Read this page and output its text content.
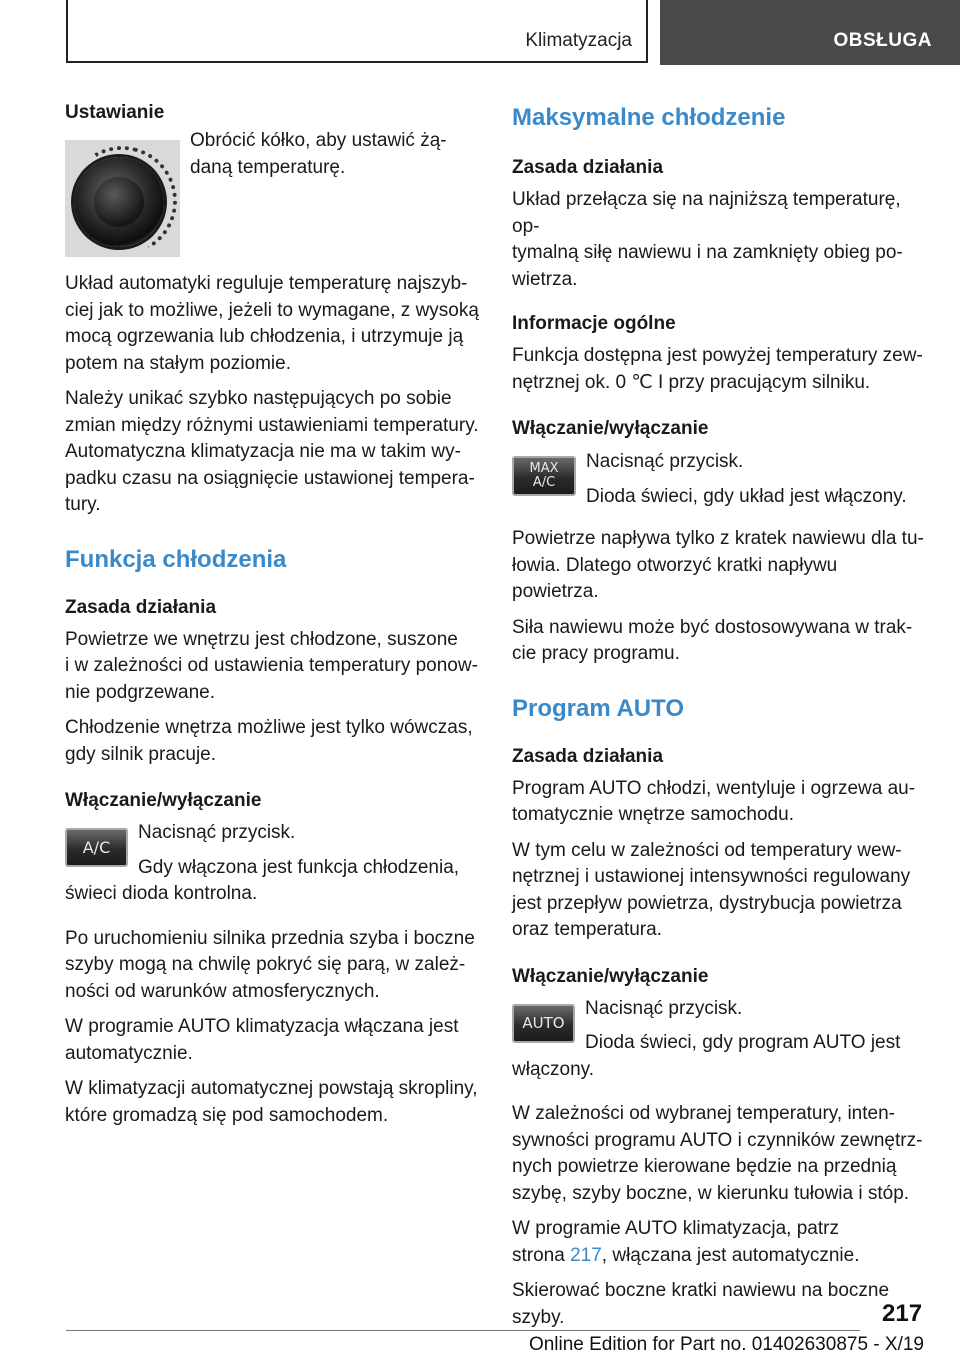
Klimatyzacja	OBSŁUGA
Ustawianie

Obrócić kółko, aby ustawić żą-
daną temperaturę.

Układ automatyki reguluje temperaturę najszyb-
ciej jak to możliwe, jeżeli to wymagane, z wysoką
mocą ogrzewania lub chłodzenia, i utrzymuje ją
potem na stałym poziomie.

Należy unikać szybko następujących po sobie
zmian między różnymi ustawieniami temperatury.
Automatyczna klimatyzacja nie ma w takim wy-
padku czasu na osiągnięcie ustawionej tempera-
tury.

Funkcja chłodzenia
Zasada działania

Powietrze we wnętrzu jest chłodzone, suszone
i w zależności od ustawienia temperatury ponow-
nie podgrzewane.

Chłodzenie wnętrza możliwe jest tylko wówczas,
gdy silnik pracuje.

Włączanie/wyłączanie
A/C

Nacisnąć przycisk.

Gdy włączona jest funkcja chłodzenia,

świeci dioda kontrolna.

Po uruchomieniu silnika przednia szyba i boczne
szyby mogą na chwilę pokryć się parą, w zależ-
ności od warunków atmosferycznych.

W programie AUTO klimatyzacja włączana jest
automatycznie.

W klimatyzacji automatycznej powstają skropliny,
które gromadzą się pod samochodem.

Maksymalne chłodzenie
Zasada działania

Układ przełącza się na najniższą temperaturę, op-
tymalną siłę nawiewu i na zamknięty obieg po-
wietrza.

Informacje ogólne

Funkcja dostępna jest powyżej temperatury zew-
nętrznej ok. 0 ℃ I przy pracującym silniku.

Włączanie/wyłączanie
MAX
A/C

Nacisnąć przycisk.

Dioda świeci, gdy układ jest włączony.

Powietrze napływa tylko z kratek nawiewu dla tu-
łowia. Dlatego otworzyć kratki napływu powietrza.

Siła nawiewu może być dostosowywana w trak-
cie pracy programu.

Program AUTO
Zasada działania

Program AUTO chłodzi, wentyluje i ogrzewa au-
tomatycznie wnętrze samochodu.

W tym celu w zależności od temperatury wew-
nętrznej i ustawionej intensywności regulowany
jest przepływ powietrza, dystrybucja powietrza
oraz temperatura.

Włączanie/wyłączanie
AUTO

Nacisnąć przycisk.

Dioda świeci, gdy program AUTO jest

włączony.

W zależności od wybranej temperatury, inten-
sywności programu AUTO i czynników zewnętrz-
nych powietrze kierowane będzie na przednią
szybę, szyby boczne, w kierunku tułowia i stóp.

W programie AUTO klimatyzacja, patrz
strona 217, włączana jest automatycznie.

Skierować boczne kratki nawiewu na boczne
szyby.	217
Online Edition for Part no. 01402630875 - X/19
